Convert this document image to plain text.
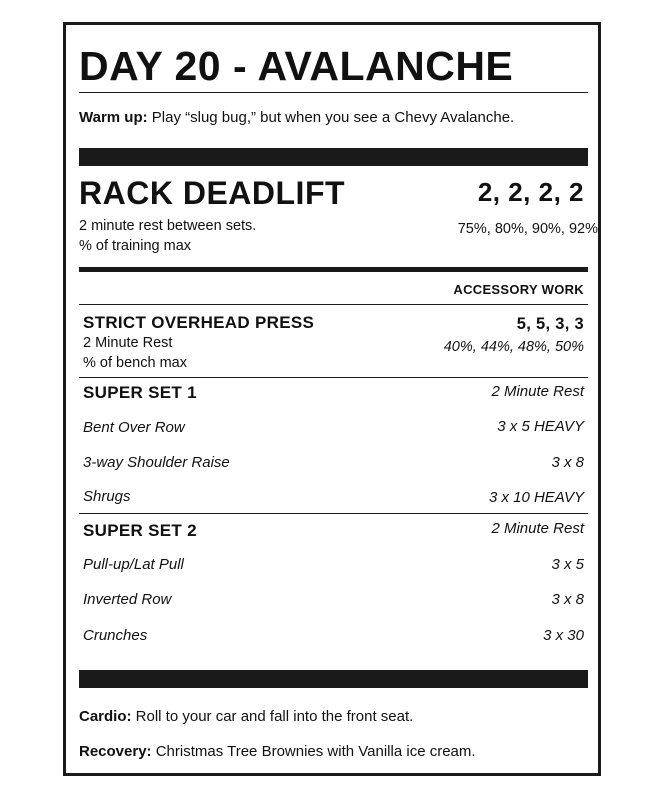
DAY 20 - AVALANCHE
Warm up: Play “slug bug,” but when you see a Chevy Avalanche.
RACK DEADLIFT	2, 2, 2, 2
2 minute rest between sets.	75%, 80%, 90%, 92%
% of training max
ACCESSORY WORK
STRICT OVERHEAD PRESS	5, 5, 3, 3
2 Minute Rest	40%, 44%, 48%, 50%
% of bench max
SUPER SET 1	2 Minute Rest
Bent Over Row	3 x 5 HEAVY
3-way Shoulder Raise	3 x 8
Shrugs	3 x 10 HEAVY
SUPER SET 2	2 Minute Rest
Pull-up/Lat Pull	3 x 5
Inverted Row	3 x 8
Crunches	3 x 30
Cardio: Roll to your car and fall into the front seat.
Recovery: Christmas Tree Brownies with Vanilla ice cream.
